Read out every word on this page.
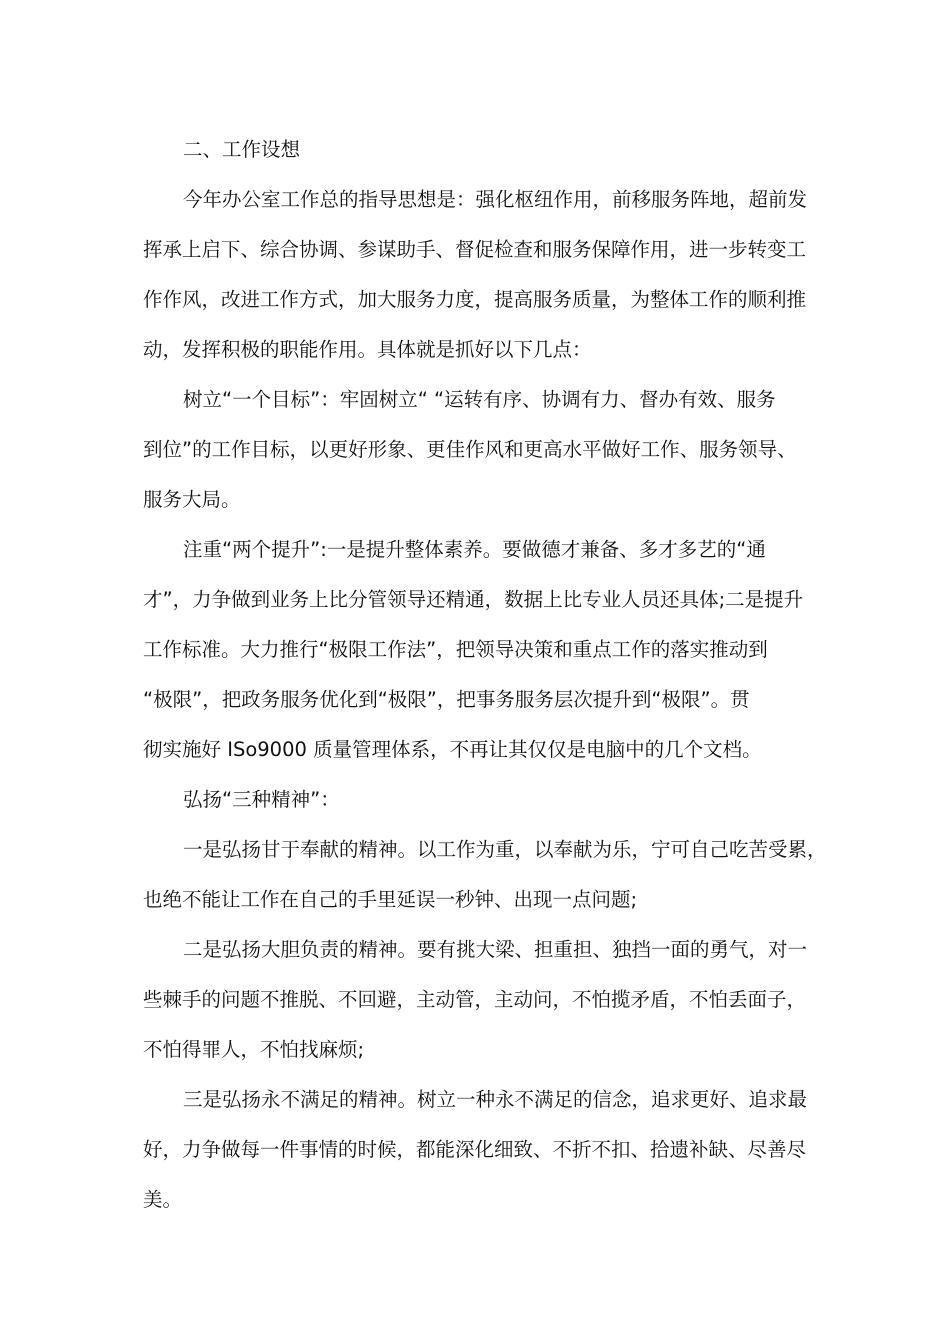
二、工作设想
今年办公室工作总的指导思想是：强化枢纽作用，前移服务阵地，超前发
挥承上启下、综合协调、参谋助手、督促检查和服务保障作用，进一步转变工
作作风，改进工作方式，加大服务力度，提高服务质量，为整体工作的顺利推
动，发挥积极的职能作用。具体就是抓好以下几点：
树立“一个目标”：牢固树立“ “运转有序、协调有力、督办有效、服务
到位”的工作目标，以更好形象、更佳作风和更高水平做好工作、服务领导、
服务大局。
注重“两个提升”:一是提升整体素养。要做德才兼备、多才多艺的“通
才”，力争做到业务上比分管领导还精通，数据上比专业人员还具体;二是提升
工作标准。大力推行“极限工作法”，把领导决策和重点工作的落实推动到
“极限”，把政务服务优化到“极限”，把事务服务层次提升到“极限”。贯
彻实施好 ISo9000 质量管理体系，不再让其仅仅是电脑中的几个文档。
弘扬“三种精神”：
一是弘扬甘于奉献的精神。以工作为重，以奉献为乐，宁可自己吃苦受累，
也绝不能让工作在自己的手里延误一秒钟、出现一点问题;
二是弘扬大胆负责的精神。要有挑大梁、担重担、独挡一面的勇气，对一
些棘手的问题不推脱、不回避，主动管，主动问，不怕揽矛盾，不怕丢面子，
不怕得罪人，不怕找麻烦;
三是弘扬永不满足的精神。树立一种永不满足的信念，追求更好、追求最
好，力争做每一件事情的时候，都能深化细致、不折不扣、拾遗补缺、尽善尽
美。
